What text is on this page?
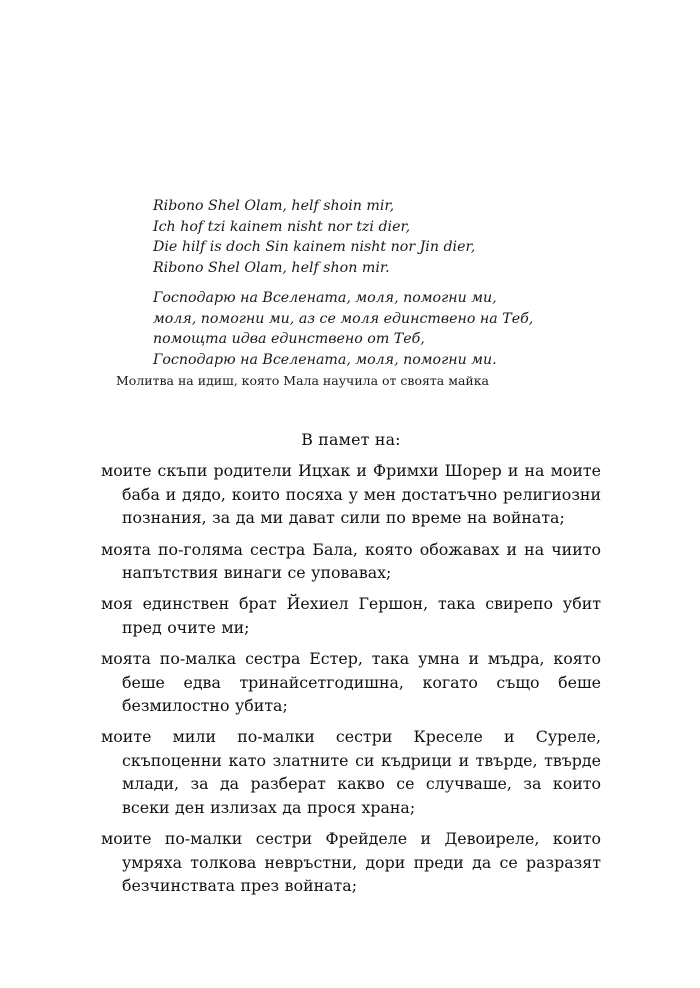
Ribono Shel Olam, helf shoin mir,
Ich hof tzi kainem nisht nor tzi dier,
Die hilf is doch Sin kainem nisht nor Jin dier,
Ribono Shel Olam, helf shon mir.
Господарю на Вселената, моля, помогни ми,
моля, помогни ми, аз се моля единствено на Теб,
помощта идва единствено от Теб,
Господарю на Вселената, моля, помогни ми.
Молитва на идиш, която Мала научила от своята майка
В памет на:
моите скъпи родители Ицхак и Фримхи Шорер и на моите баба и дядо, които посяха у мен достатъчно религиозни познания, за да ми дават сили по време на войната;
моята по-голяма сестра Бала, която обожавах и на чиито напътствия винаги се уповавах;
моя единствен брат Йехиел Гершон, така свирепо убит пред очите ми;
моята по-малка сестра Естер, така умна и мъдра, която беше едва тринайсетгодишна, когато също беше безмилостно убита;
моите мили по-малки сестри Креселе и Суреле, скъпоценни като златните си къдрици и твърде, твърде млади, за да разберат какво се случваше, за които всеки ден излизах да прося храна;
моите по-малки сестри Фрейделе и Девоиреле, които умряха толкова невръстни, дори преди да се разразят безчинствата през войната;
